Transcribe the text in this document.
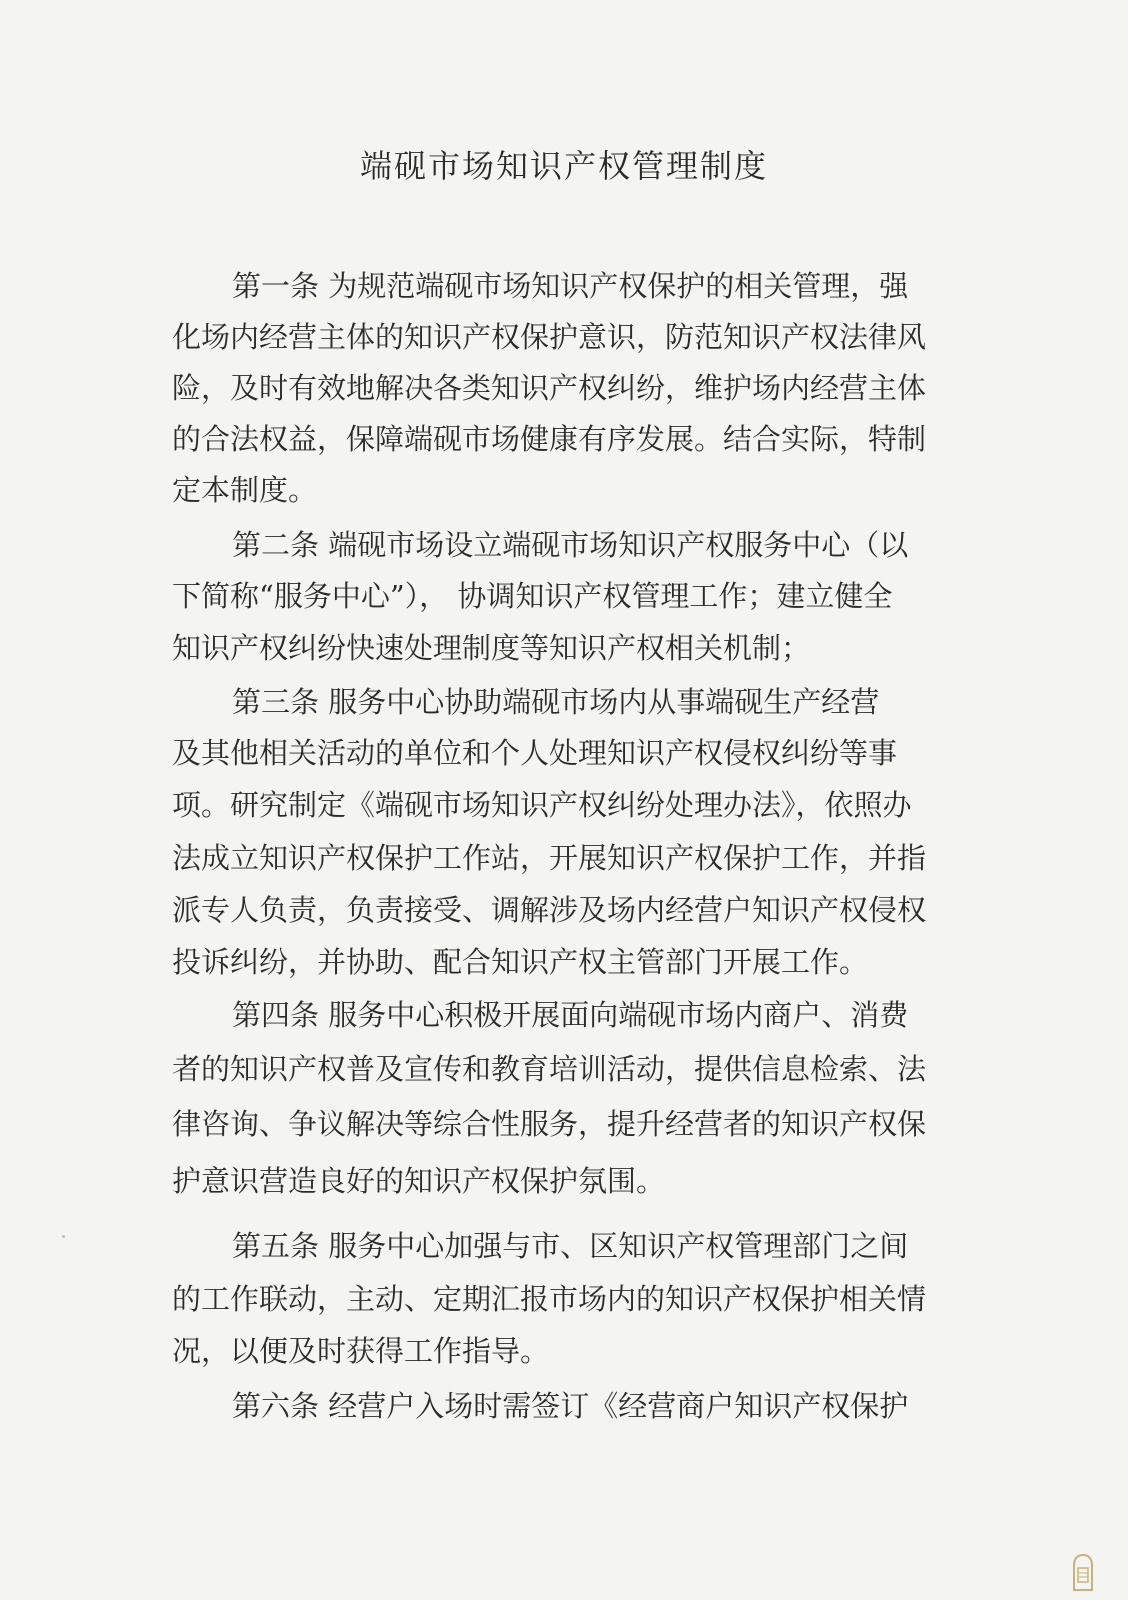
端砚市场知识产权管理制度
第一条 为规范端砚市场知识产权保护的相关管理，强
化场内经营主体的知识产权保护意识，防范知识产权法律风
险，及时有效地解决各类知识产权纠纷，维护场内经营主体
的合法权益，保障端砚市场健康有序发展。结合实际，特制
定本制度。
第二条 端砚市场设立端砚市场知识产权服务中心（以
下简称“服务中心”）， 协调知识产权管理工作；建立健全
知识产权纠纷快速处理制度等知识产权相关机制；
第三条 服务中心协助端砚市场内从事端砚生产经营
及其他相关活动的单位和个人处理知识产权侵权纠纷等事
项。研究制定《端砚市场知识产权纠纷处理办法》，依照办
法成立知识产权保护工作站，开展知识产权保护工作，并指
派专人负责，负责接受、调解涉及场内经营户知识产权侵权
投诉纠纷，并协助、配合知识产权主管部门开展工作。
第四条 服务中心积极开展面向端砚市场内商户、消费
者的知识产权普及宣传和教育培训活动，提供信息检索、法
律咨询、争议解决等综合性服务，提升经营者的知识产权保
护意识营造良好的知识产权保护氛围。
第五条 服务中心加强与市、区知识产权管理部门之间
的工作联动，主动、定期汇报市场内的知识产权保护相关情
况，以便及时获得工作指导。
第六条 经营户入场时需签订《经营商户知识产权保护
